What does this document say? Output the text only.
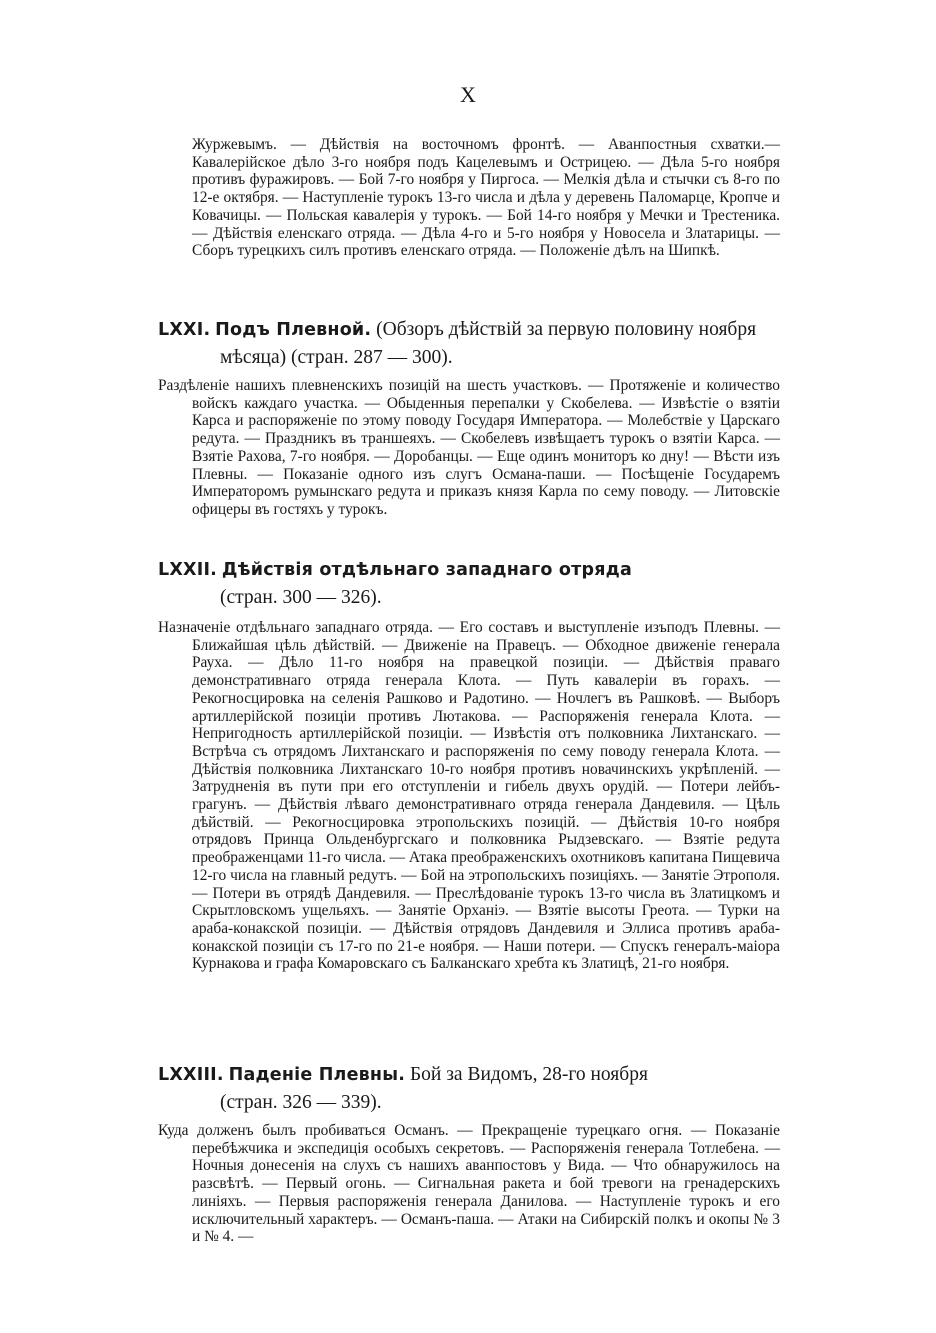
X

Журжевымъ. — Дѣйствія на восточномъ фронтѣ. — Аванпостныя схватки.— Кавалерійское дѣло 3-го ноября подъ Кацелевымъ и Острицею. — Дѣла 5-го ноября противъ фуражировъ. — Бой 7-го ноября у Пиргоса. — Мелкія дѣла и стычки съ 8-го по 12-е октября. — Наступленіе турокъ 13-го числа и дѣла у деревень Паломарце, Кропче и Ковачицы. — Польская кавалерія у турокъ. — Бой 14-го ноября у Мечки и Трестеника. — Дѣйствія еленскаго отряда. — Дѣла 4-го и 5-го ноября у Новосела и Златарицы. — Сборъ турецкихъ силъ противъ еленскаго отряда. — Положеніе дѣлъ на Шипкѣ.

LXXI. Подъ Плевной. (Обзоръ дѣйствій за первую половину ноября
мѣсяца) (стран. 287 — 300).

Раздѣленіе нашихъ плевненскихъ позицій на шесть участковъ. — Протяженіе и количество войскъ каждаго участка. — Обыденныя перепалки у Скобелева. — Извѣстіе о взятіи Карса и распоряженіе по этому поводу Государя Императора. — Молебствіе у Царскаго редута. — Праздникъ въ траншеяхъ. — Скобелевъ извѣщаетъ турокъ о взятіи Карса. — Взятіе Рахова, 7-го ноября. — Доробанцы. — Еще одинъ мониторъ ко дну! — Вѣсти изъ Плевны. — Показаніе одного изъ слугъ Османа-паши. — Посѣщеніе Государемъ Императоромъ румынскаго редута и приказъ князя Карла по сему поводу. — Литовскіе офицеры въ гостяхъ у турокъ.

LXXII. Дѣйствія отдѣльнаго западнаго отряда
(стран. 300 — 326).

Назначеніе отдѣльнаго западнаго отряда. — Его составъ и выступленіе изъподъ Плевны. — Ближайшая цѣль дѣйствій. — Движеніе на Правецъ. — Обходное движеніе генерала Рауха. — Дѣло 11-го ноября на правецкой позиціи. — Дѣйствія праваго демонстративнаго отряда генерала Клота. — Путь кавалеріи въ горахъ. — Рекогносцировка на селенія Рашково и Радотино. — Ночлегъ въ Рашковѣ. — Выборъ артиллерійской позиціи противъ Лютакова. — Распоряженія генерала Клота. — Непригодность артиллерійской позиціи. — Извѣстія отъ полковника Лихтанскаго. — Встрѣча съ отрядомъ Лихтанскаго и распоряженія по сему поводу генерала Клота. — Дѣйствія полковника Лихтанскаго 10-го ноября противъ новачинскихъ укрѣпленій. — Затрудненія въ пути при его отступленіи и гибель двухъ орудій. — Потери лейбъ-грагунъ. — Дѣйствія лѣваго демонстративнаго отряда генерала Дандевиля. — Цѣль дѣйствій. — Рекогносцировка этропольскихъ позицій. — Дѣйствія 10-го ноября отрядовъ Принца Ольденбургскаго и полковника Рыдзевскаго. — Взятіе редута преображенцами 11-го числа. — Атака преображенскихъ охотниковъ капитана Пищевича 12-го числа на главный редутъ. — Бой на этропольскихъ позиціяхъ. — Занятіе Этрополя. — Потери въ отрядѣ Дандевиля. — Преслѣдованіе турокъ 13-го числа въ Златицкомъ и Скрытловскомъ ущельяхъ. — Занятіе Орханіэ. — Взятіе высоты Греота. — Турки на араба-конакской позиціи. — Дѣйствія отрядовъ Дандевиля и Эллиса противъ араба-конакской позиціи съ 17-го по 21-е ноября. — Наши потери. — Спускъ генералъ-маіора Курнакова и графа Комаровскаго съ Балканскаго хребта къ Златицѣ, 21-го ноября.

LXXIII. Паденіе Плевны. Бой за Видомъ, 28-го ноября
(стран. 326 — 339).

Куда долженъ былъ пробиваться Османъ. — Прекращеніе турецкаго огня. — Показаніе перебѣжчика и экспедиція особыхъ секретовъ. — Распоряженія генерала Тотлебена. — Ночныя донесенія на слухъ съ нашихъ аванпостовъ у Вида. — Что обнаружилось на разсвѣтѣ. — Первый огонь. — Сигнальная ракета и бой тревоги на гренадерскихъ линіяхъ. — Первыя распоряженія генерала Данилова. — Наступленіе турокъ и его исключительный характеръ. — Османъ-паша. — Атаки на Сибирскій полкъ и окопы № 3 и № 4. —
